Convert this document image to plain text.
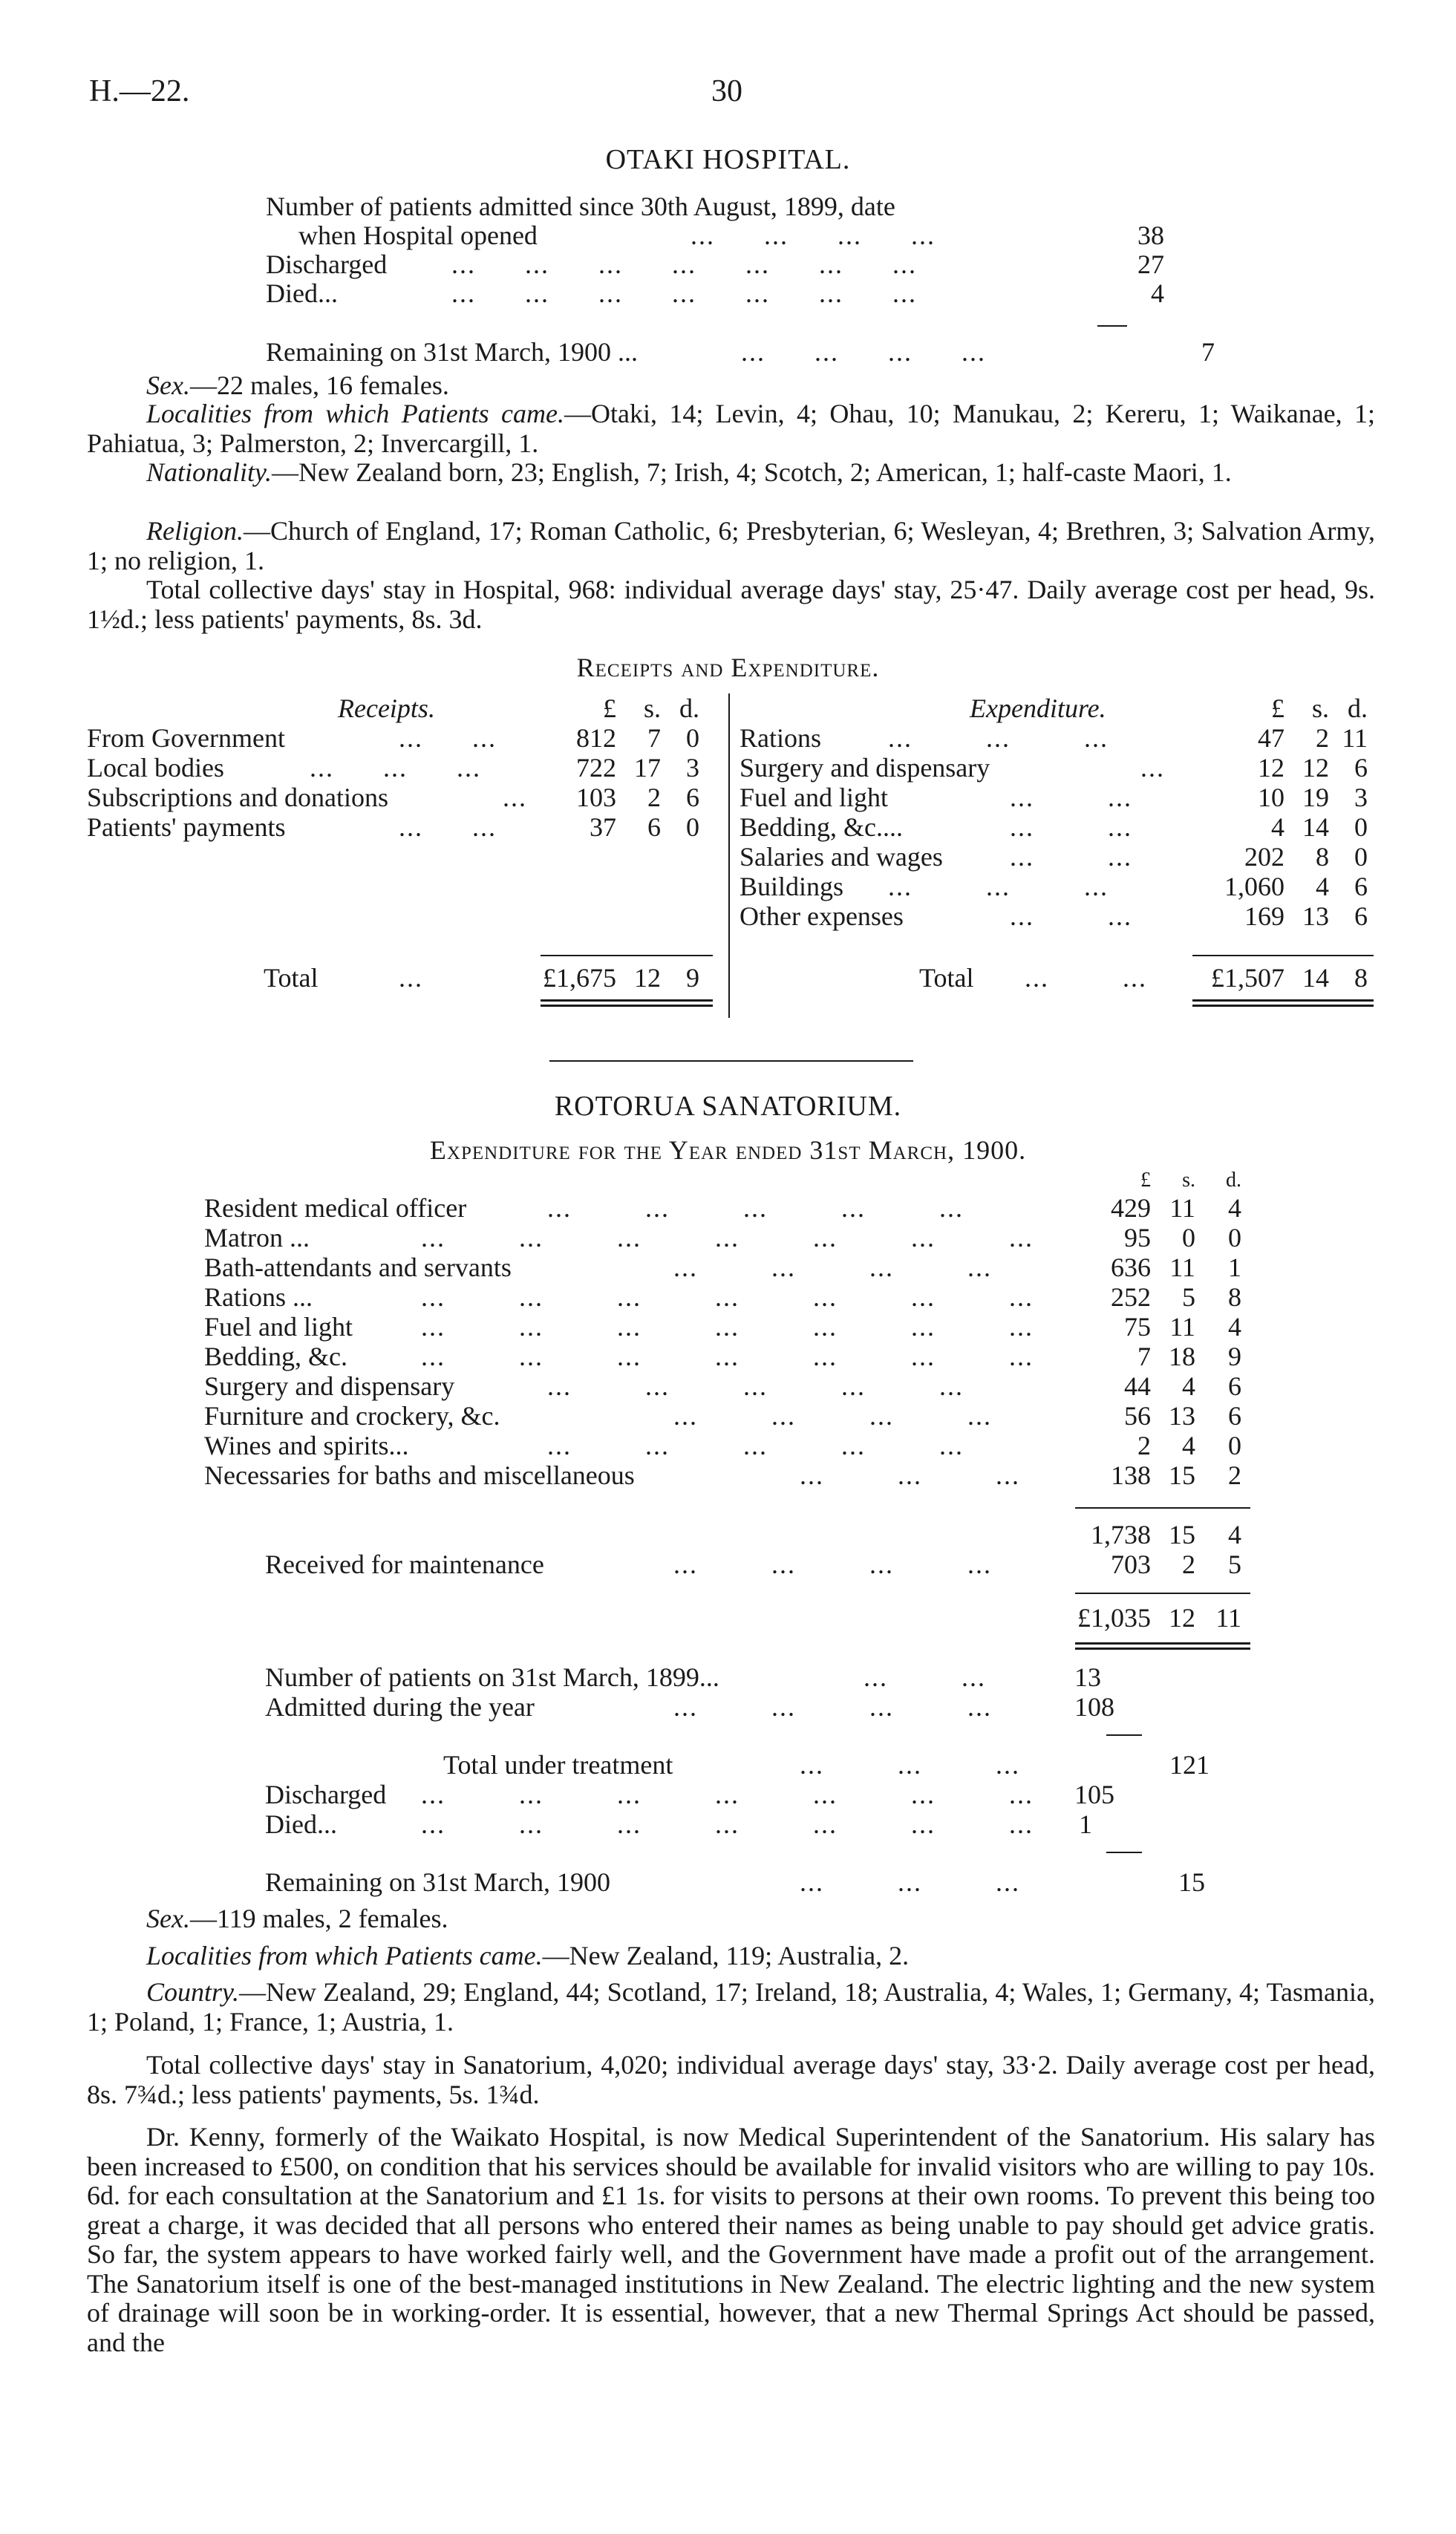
H.—22.	30
OTAKI HOSPITAL.
Number of patients admitted since 30th August, 1899, date
when Hospital opened	...      ...      ...      ...	38
Discharged ...      ...      ...      ...      ...      ...      ...	27
Died...	...      ...      ...      ...      ...      ...      ...	4
Remaining on 31st March, 1900 ...	...      ...      ...      ...	7
Sex.—22 males, 16 females.
Localities from which Patients came.—Otaki, 14; Levin, 4; Ohau, 10; Manukau, 2; Kereru, 1; Waikanae, 1; Pahiatua, 3; Palmerston, 2; Invercargill, 1.
Nationality.—New Zealand born, 23; English, 7; Irish, 4; Scotch, 2; American, 1; half-caste Maori, 1.
Religion.—Church of England, 17; Roman Catholic, 6; Presbyterian, 6; Wesleyan, 4; Brethren, 3; Salvation Army, 1; no religion, 1.
Total collective days' stay in Hospital, 968: individual average days' stay, 25·47. Daily average cost per head, 9s. 1½d.; less patients' payments, 8s. 3d.
Receipts and Expenditure.
Receipts.	£	s. d.
From Government	...      ...	812	7 0
Local bodies	...      ...      ...	722 17 3
Subscriptions and donations	...	103	2 6
Patients' payments	...      ...	37	6 0
Total	...	£1,675 12 9
Expenditure.	£	s. d.
Rations ...         ...         ...	47	2 11
Surgery and dispensary	...	12 12 6
Fuel and light	...         ...	10 19 3
Bedding, &c....	...         ...	4 14 0
Salaries and wages	...         ...	202	8 0
Buildings ...         ...         ...	1,060	4 6
Other expenses	...         ...	169 13 6
Total ...         ...	£1,507 14 8
ROTORUA SANATORIUM.
Expenditure for the Year ended 31st March, 1900.
£	s.	d.
Resident medical officer	...         ...         ...         ...         ...	429 11	4
Matron ...	...         ...         ...         ...         ...         ...         ...	95	0	0
Bath-attendants and servants	...         ...         ...         ...	636 11	1
Rations ...	...         ...         ...         ...         ...         ...         ...	252	5	8
Fuel and light	...         ...         ...         ...         ...         ...         ...	75 11	4
Bedding, &c.	...         ...         ...         ...         ...         ...         ...	7 18	9
Surgery and dispensary	...         ...         ...         ...         ...	44	4	6
Furniture and crockery, &c.	...         ...         ...         ...	56 13	6
Wines and spirits...	...         ...         ...         ...         ...	2	4	0
Necessaries for baths and miscellaneous	...         ...         ...	138 15	2
1,738 15	4
Received for maintenance	...         ...         ...         ...	703	2	5
£1,035 12 11
Number of patients on 31st March, 1899...	...         ...	13
Admitted during the year	...         ...         ...         ...	108
Total under treatment	...         ...         ...	121
Discharged ...         ...         ...         ...         ...         ...         ... 105
Died...	...         ...         ...         ...         ...         ...         ... 1
Remaining on 31st March, 1900	...         ...         ...	15
Sex.—119 males, 2 females.
Localities from which Patients came.—New Zealand, 119; Australia, 2.
Country.—New Zealand, 29; England, 44; Scotland, 17; Ireland, 18; Australia, 4; Wales, 1; Germany, 4; Tasmania, 1; Poland, 1; France, 1; Austria, 1.
Total collective days' stay in Sanatorium, 4,020; individual average days' stay, 33·2. Daily average cost per head, 8s. 7¾d.; less patients' payments, 5s. 1¾d.
Dr. Kenny, formerly of the Waikato Hospital, is now Medical Superintendent of the Sanatorium. His salary has been increased to £500, on condition that his services should be available for invalid visitors who are willing to pay 10s. 6d. for each consultation at the Sanatorium and £1 1s. for visits to persons at their own rooms. To prevent this being too great a charge, it was decided that all persons who entered their names as being unable to pay should get advice gratis. So far, the system appears to have worked fairly well, and the Government have made a profit out of the arrangement. The Sanatorium itself is one of the best-managed institutions in New Zealand. The electric lighting and the new system of drainage will soon be in working-order. It is essential, however, that a new Thermal Springs Act should be passed, and the
